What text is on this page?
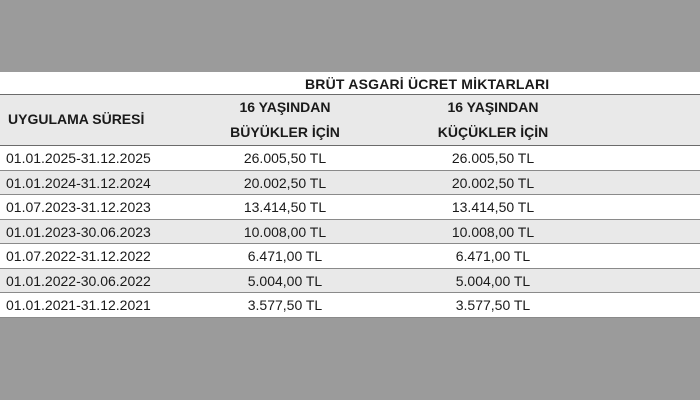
BRÜT ASGARİ ÜCRET MİKTARLARI
UYGULAMA SÜRESİ
16 YAŞINDAN
BÜYÜKLER İÇİN
16 YAŞINDAN
KÜÇÜKLER İÇİN
01.01.2025-31.12.2025	26.005,50 TL	26.005,50 TL
01.01.2024-31.12.2024	20.002,50 TL	20.002,50 TL
01.07.2023-31.12.2023	13.414,50 TL	13.414,50 TL
01.01.2023-30.06.2023	10.008,00 TL	10.008,00 TL
01.07.2022-31.12.2022	6.471,00 TL	6.471,00 TL
01.01.2022-30.06.2022	5.004,00 TL	5.004,00 TL
01.01.2021-31.12.2021	3.577,50 TL	3.577,50 TL
